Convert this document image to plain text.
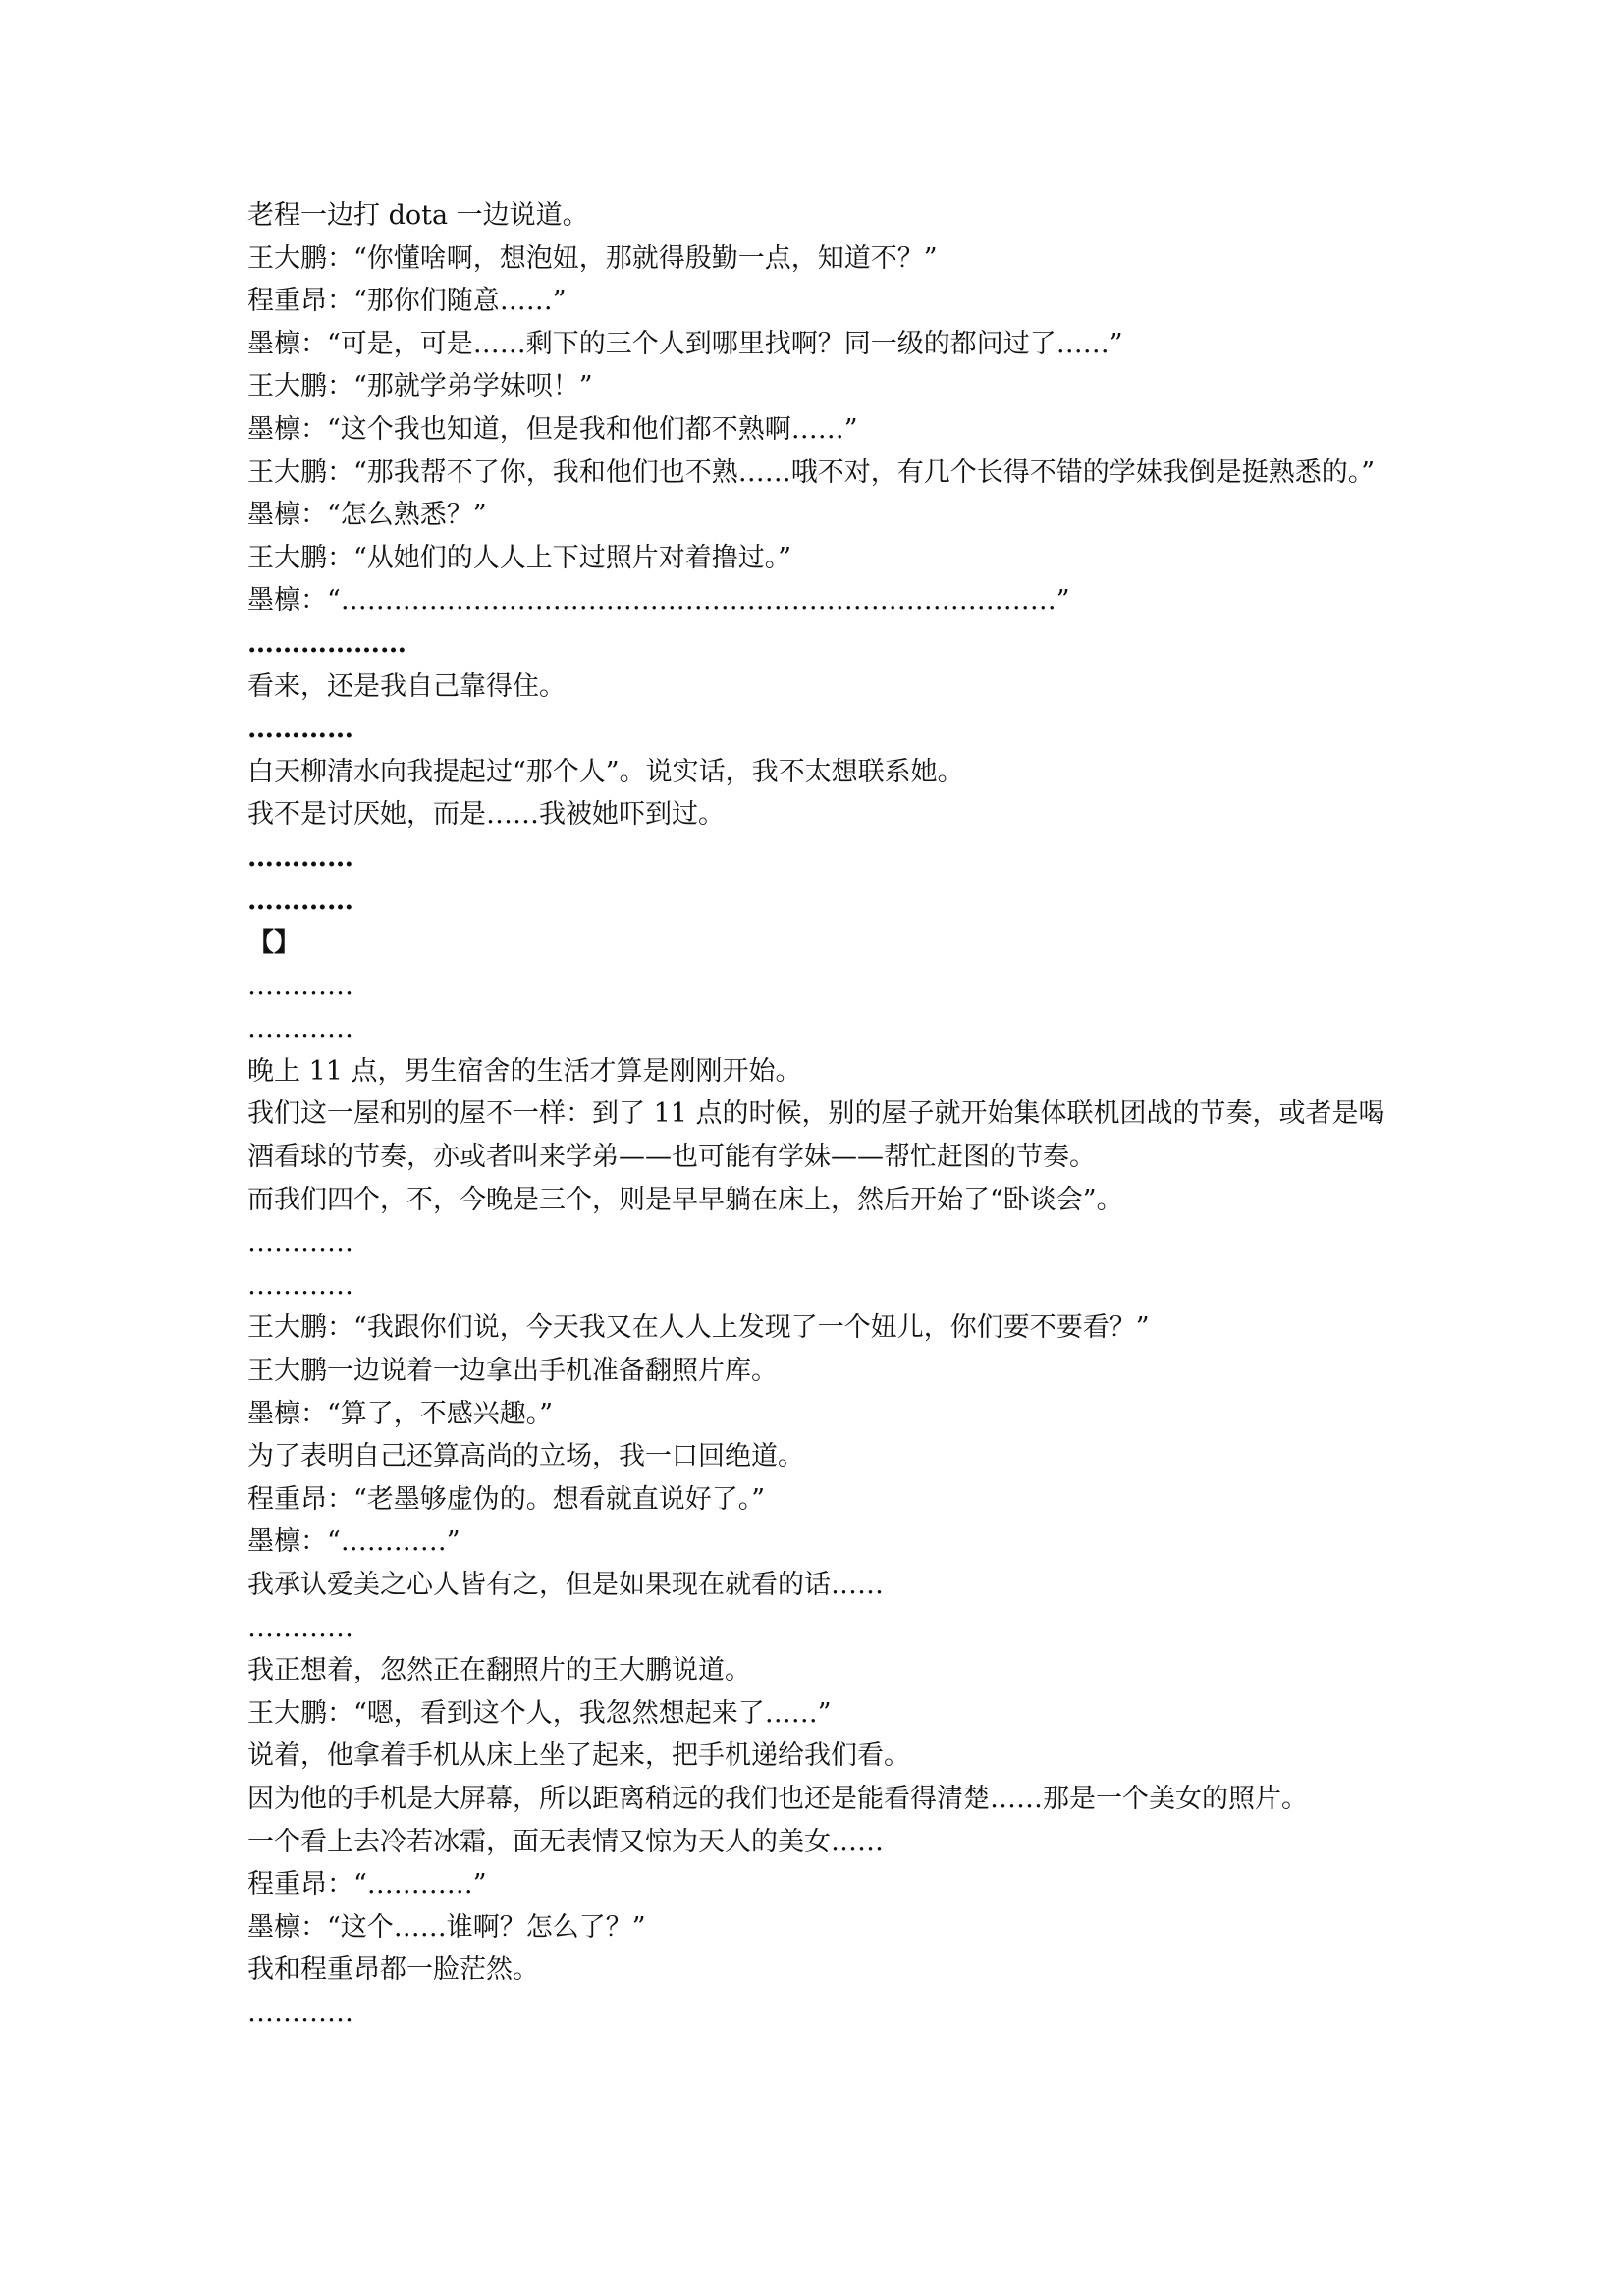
老程一边打 dota 一边说道。

王大鹏：“你懂啥啊，想泡妞，那就得殷勤一点，知道不？”

程重昂：“那你们随意……”

墨檩：“可是，可是……剩下的三个人到哪里找啊？同一级的都问过了……”

王大鹏：“那就学弟学妹呗！”

墨檩：“这个我也知道，但是我和他们都不熟啊……”

王大鹏：“那我帮不了你，我和他们也不熟……哦不对，有几个长得不错的学妹我倒是挺熟悉的。”

墨檩：“怎么熟悉？”

王大鹏：“从她们的人人上下过照片对着撸过。”

墨檩：“………………………………………………………………………”

………………

看来，还是我自己靠得住。

…………

白天柳清水向我提起过“那个人”。说实话，我不太想联系她。

我不是讨厌她，而是……我被她吓到过。

…………

…………

【】

…………

…………

晚上 11 点，男生宿舍的生活才算是刚刚开始。

我们这一屋和别的屋不一样：到了 11 点的时候，别的屋子就开始集体联机团战的节奏，或者是喝酒看球的节奏，亦或者叫来学弟——也可能有学妹——帮忙赶图的节奏。

而我们四个，不，今晚是三个，则是早早躺在床上，然后开始了“卧谈会”。

…………

…………

王大鹏：“我跟你们说，今天我又在人人上发现了一个妞儿，你们要不要看？”

王大鹏一边说着一边拿出手机准备翻照片库。

墨檩：“算了，不感兴趣。”

为了表明自己还算高尚的立场，我一口回绝道。

程重昂：“老墨够虚伪的。想看就直说好了。”

墨檩：“…………”

我承认爱美之心人皆有之，但是如果现在就看的话……

…………

我正想着，忽然正在翻照片的王大鹏说道。

王大鹏：“嗯，看到这个人，我忽然想起来了……”

说着，他拿着手机从床上坐了起来，把手机递给我们看。

因为他的手机是大屏幕，所以距离稍远的我们也还是能看得清楚……那是一个美女的照片。

一个看上去冷若冰霜，面无表情又惊为天人的美女……

程重昂：“…………”

墨檩：“这个……谁啊？怎么了？”

我和程重昂都一脸茫然。

…………
